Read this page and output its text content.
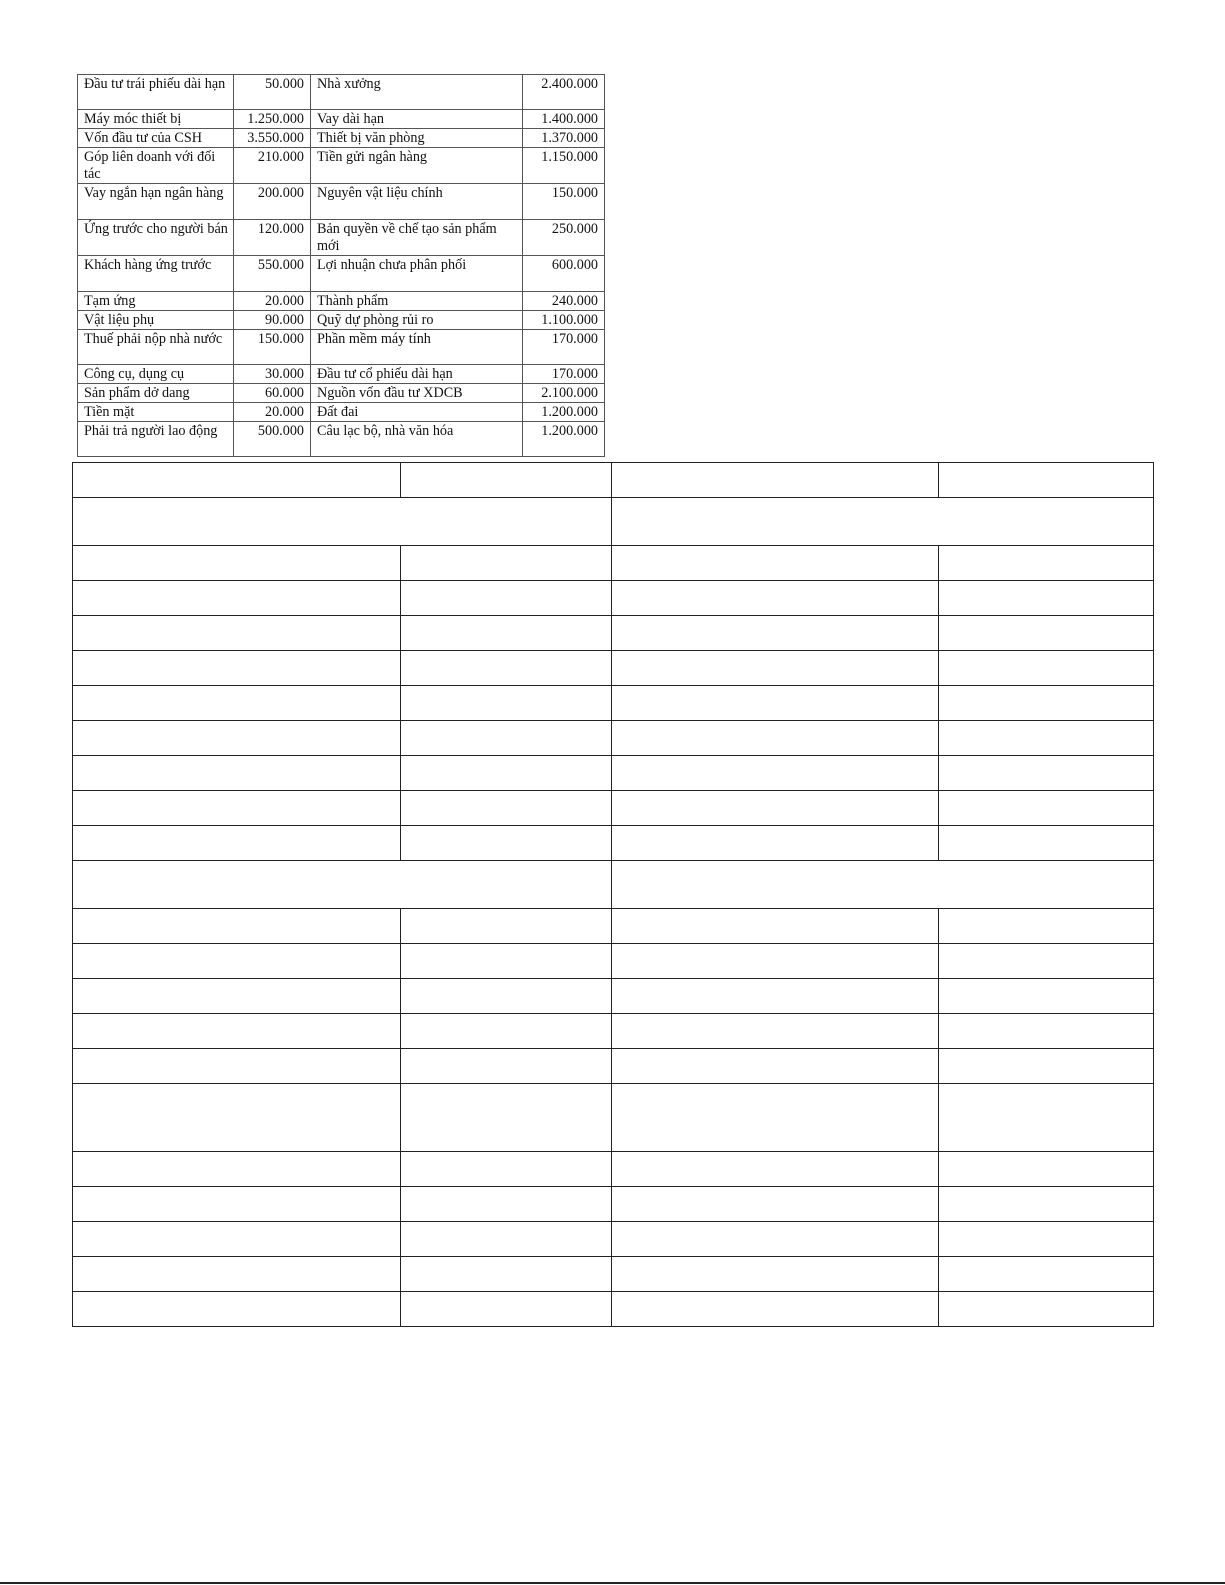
Đầu tư trái phiếu dài hạn	50.000	Nhà xưởng	2.400.000
Máy móc thiết bị	1.250.000	Vay dài hạn	1.400.000
Vốn đầu tư của CSH	3.550.000	Thiết bị văn phòng	1.370.000
Góp liên doanh với đối tác	210.000	Tiền gửi ngân hàng	1.150.000
Vay ngắn hạn ngân hàng	200.000	Nguyên vật liệu chính	150.000
Ứng trước cho người bán	120.000	Bản quyền về chế tạo sản phẩm mới	250.000
Khách hàng ứng trước	550.000	Lợi nhuận chưa phân phối	600.000
Tạm ứng	20.000	Thành phẩm	240.000
Vật liệu phụ	90.000	Quỹ dự phòng rủi ro	1.100.000
Thuế phải nộp nhà nước	150.000	Phần mềm máy tính	170.000
Công cụ, dụng cụ	30.000	Đầu tư cổ phiếu dài hạn	170.000
Sản phẩm dở dang	60.000	Nguồn vốn đầu tư XDCB	2.100.000
Tiền mặt	20.000	Đất đai	1.200.000
Phải trả người lao động	500.000	Câu lạc bộ, nhà văn hóa	1.200.000
